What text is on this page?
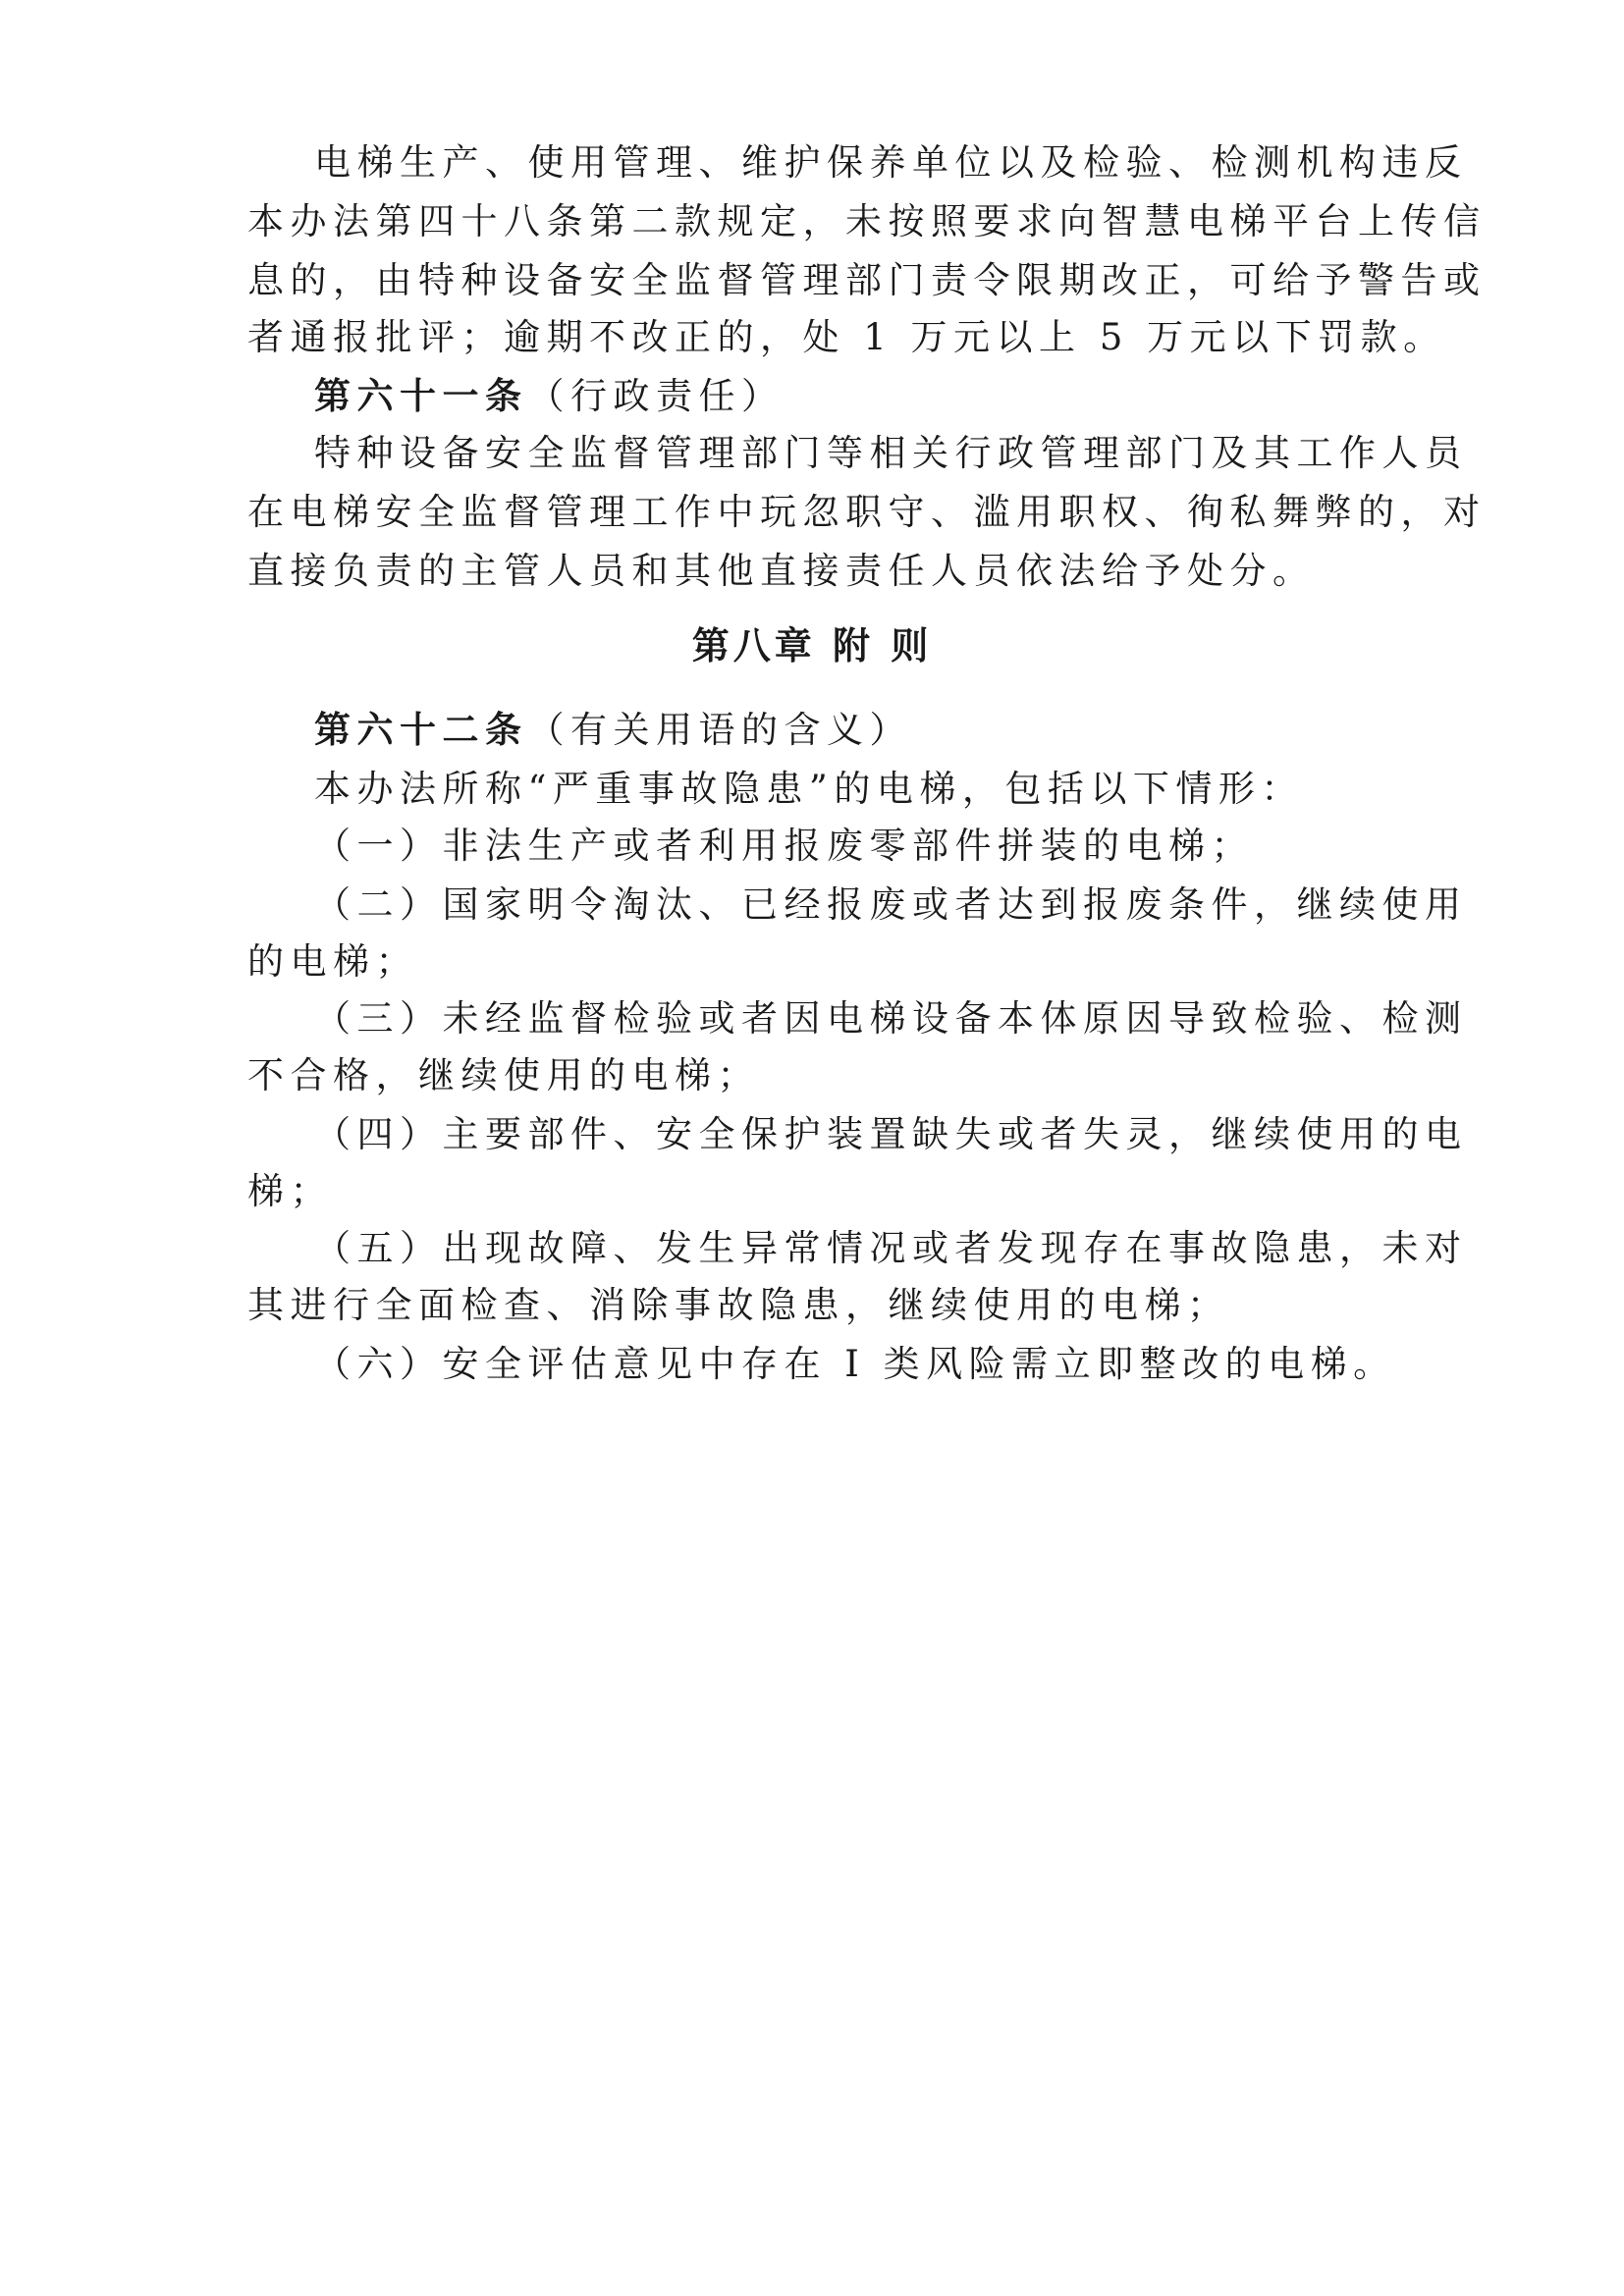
电梯生产、使用管理、维护保养单位以及检验、检测机构违反
本办法第四十八条第二款规定，未按照要求向智慧电梯平台上传信
息的，由特种设备安全监督管理部门责令限期改正，可给予警告或
者通报批评；逾期不改正的，处 1 万元以上 5 万元以下罚款。
第六十一条（行政责任）
特种设备安全监督管理部门等相关行政管理部门及其工作人员
在电梯安全监督管理工作中玩忽职守、滥用职权、徇私舞弊的，对
直接负责的主管人员和其他直接责任人员依法给予处分。
第八章 附 则
第六十二条（有关用语的含义）
本办法所称“严重事故隐患”的电梯，包括以下情形：
（一）非法生产或者利用报废零部件拼装的电梯；
（二）国家明令淘汰、已经报废或者达到报废条件，继续使用
的电梯；
（三）未经监督检验或者因电梯设备本体原因导致检验、检测
不合格，继续使用的电梯；
（四）主要部件、安全保护装置缺失或者失灵，继续使用的电
梯；
（五）出现故障、发生异常情况或者发现存在事故隐患，未对
其进行全面检查、消除事故隐患，继续使用的电梯；
（六）安全评估意见中存在 I 类风险需立即整改的电梯。
